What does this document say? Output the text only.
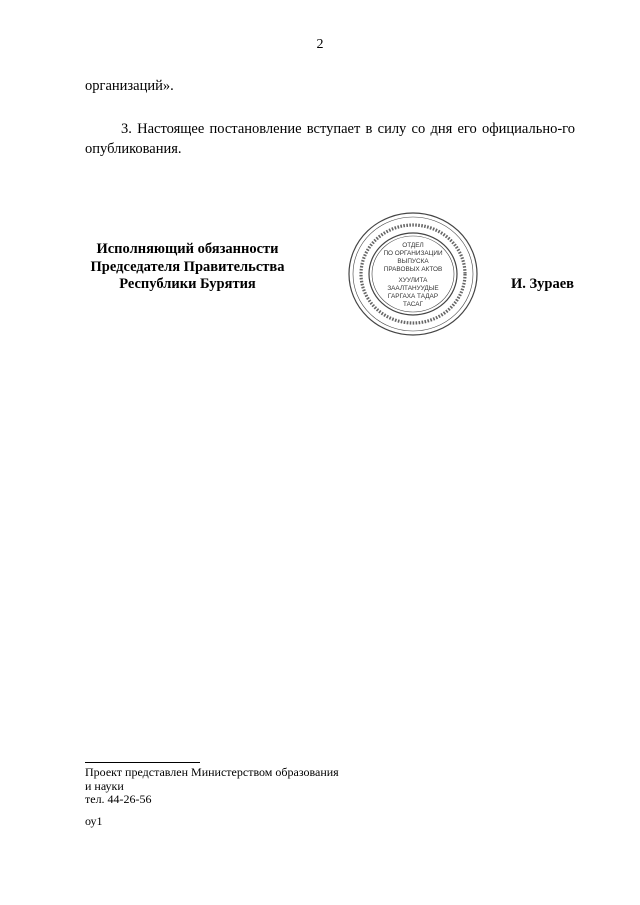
2
организаций».
3. Настоящее постановление вступает в силу со дня его официально-го опубликования.
Исполняющий обязанности
Председателя Правительства
Республики Бурятия
ОТДЕЛ
ПО ОРГАНИЗАЦИИ
ВЫПУСКА
ПРАВОВЫХ АКТОВ
ХУУЛИТА
ЗААЛТАНУУДЫЕ
ГАРГАХА ТАДАР
ТАСАГ
И. Зураев
Проект представлен Министерством образования
и науки
тел. 44-26-56
оу1
